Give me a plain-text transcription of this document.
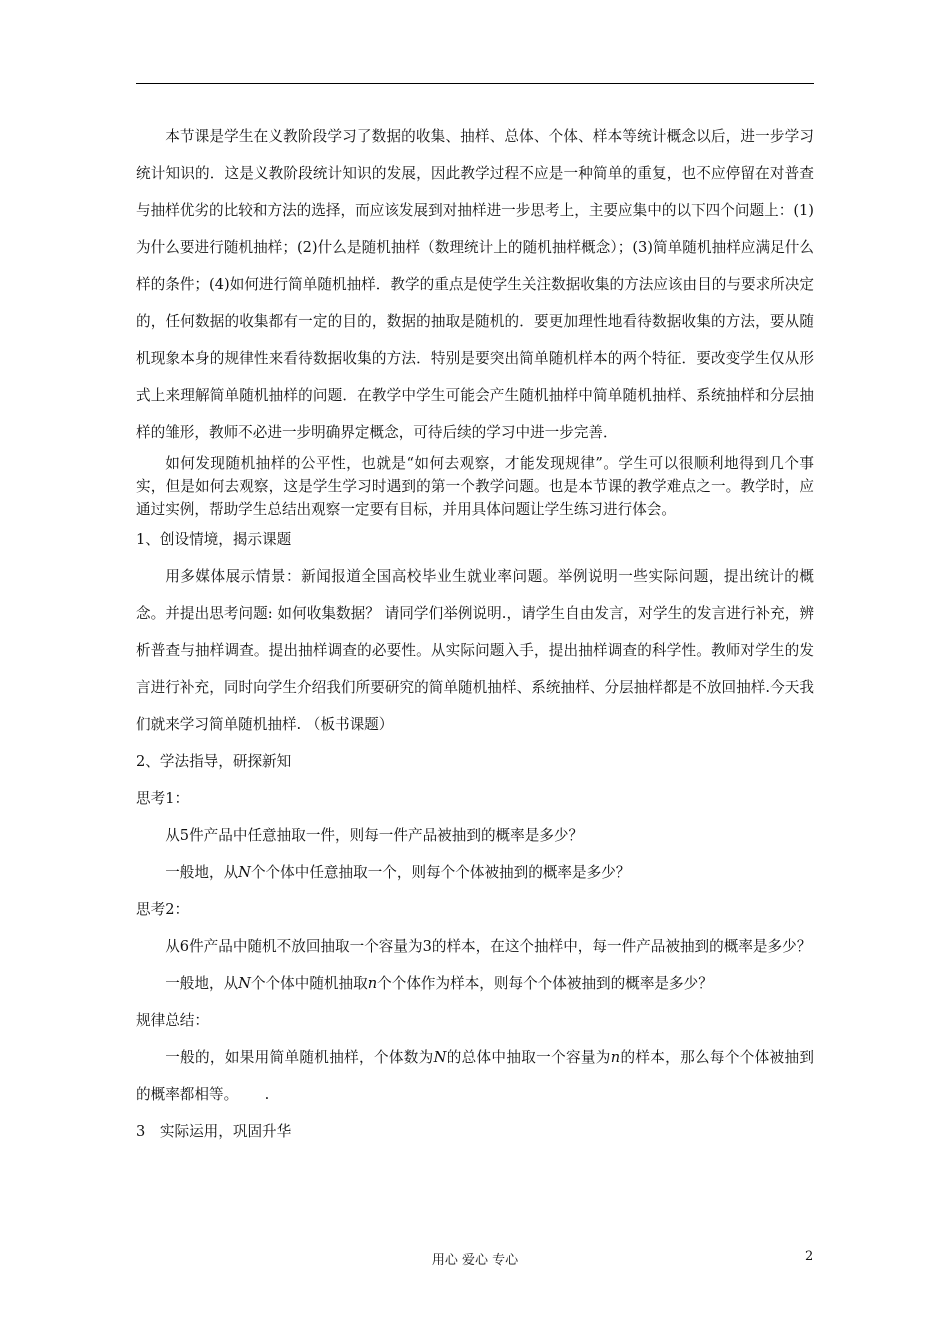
本节课是学生在义教阶段学习了数据的收集、抽样、总体、个体、样本等统计概念以后，进一步学习统计知识的．这是义教阶段统计知识的发展，因此教学过程不应是一种简单的重复，也不应停留在对普查与抽样优劣的比较和方法的选择，而应该发展到对抽样进一步思考上，主要应集中的以下四个问题上：(1)为什么要进行随机抽样；(2)什么是随机抽样（数理统计上的随机抽样概念）；(3)简单随机抽样应满足什么样的条件；(4)如何进行简单随机抽样．教学的重点是使学生关注数据收集的方法应该由目的与要求所决定的，任何数据的收集都有一定的目的，数据的抽取是随机的．要更加理性地看待数据收集的方法，要从随机现象本身的规律性来看待数据收集的方法．特别是要突出简单随机样本的两个特征．要改变学生仅从形式上来理解简单随机抽样的问题．在教学中学生可能会产生随机抽样中简单随机抽样、系统抽样和分层抽样的雏形，教师不必进一步明确界定概念，可待后续的学习中进一步完善．

如何发现随机抽样的公平性，也就是“如何去观察，才能发现规律”。学生可以很顺利地得到几个事实，但是如何去观察，这是学生学习时遇到的第一个教学问题。也是本节课的教学难点之一。教学时，应通过实例，帮助学生总结出观察一定要有目标，并用具体问题让学生练习进行体会。

1、创设情境，揭示课题

用多媒体展示情景：新闻报道全国高校毕业生就业率问题。举例说明一些实际问题，提出统计的概念。并提出思考问题: 如何收集数据？ 请同学们举例说明.，请学生自由发言，对学生的发言进行补充，辨析普查与抽样调查。提出抽样调查的必要性。从实际问题入手，提出抽样调查的科学性。教师对学生的发言进行补充，同时向学生介绍我们所要研究的简单随机抽样、系统抽样、分层抽样都是不放回抽样.今天我们就来学习简单随机抽样. （板书课题）

2、学法指导，研探新知

思考1：

从5件产品中任意抽取一件，则每一件产品被抽到的概率是多少？

一般地，从N个个体中任意抽取一个，则每个个体被抽到的概率是多少？

思考2：

从6件产品中随机不放回抽取一个容量为3的样本，在这个抽样中，每一件产品被抽到的概率是多少？

一般地，从N个个体中随机抽取n个个体作为样本，则每个个体被抽到的概率是多少？

规律总结：

一般的，如果用简单随机抽样，个体数为N的总体中抽取一个容量为n的样本，那么每个个体被抽到的概率都相等。　　 .

3　实际运用，巩固升华

用心 爱心 专心	2
